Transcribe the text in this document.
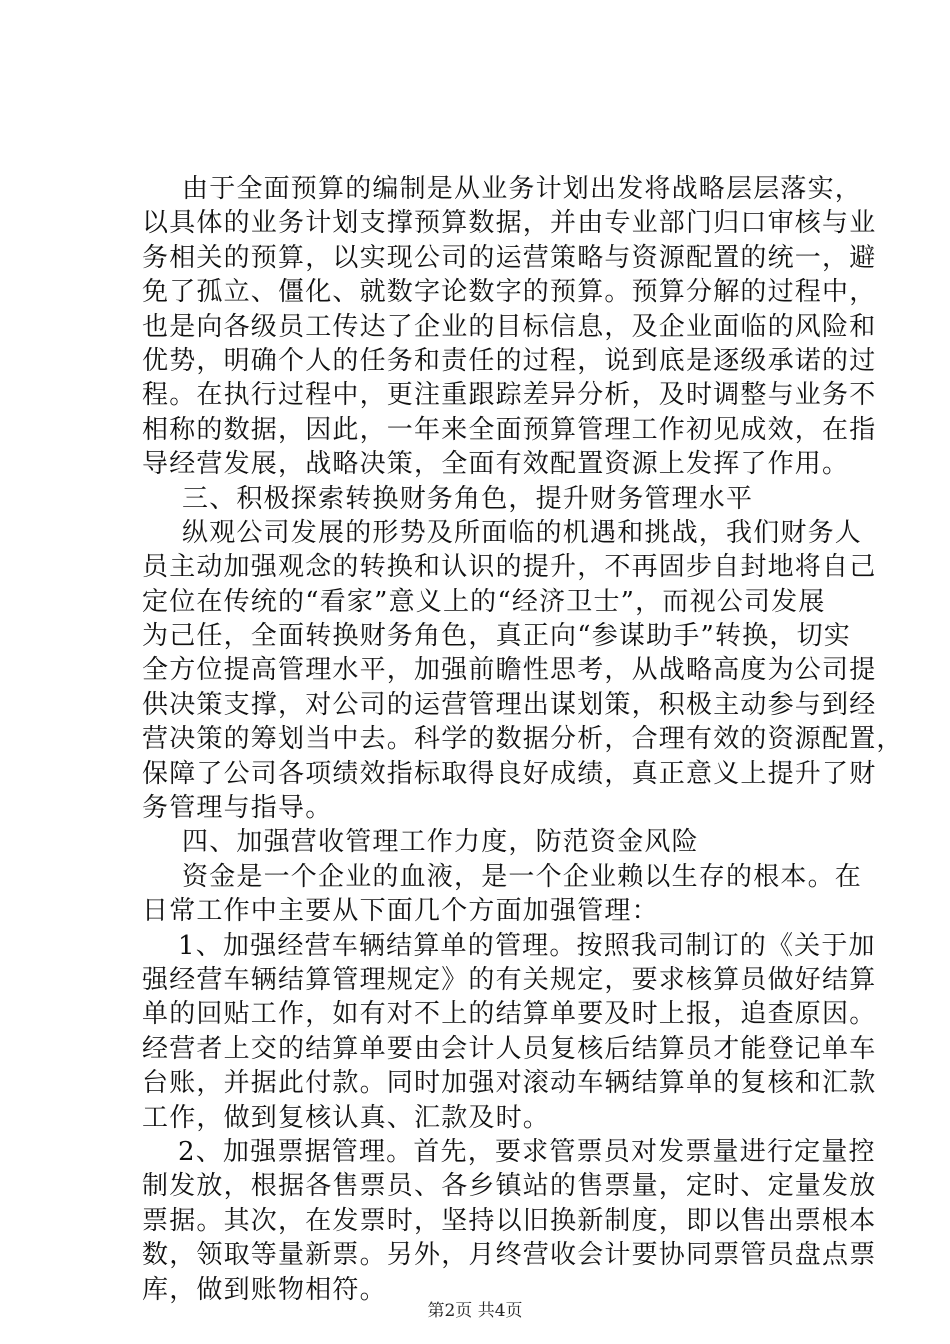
由于全面预算的编制是从业务计划出发将战略层层落实，
以具体的业务计划支撑预算数据，并由专业部门归口审核与业
务相关的预算，以实现公司的运营策略与资源配置的统一，避
免了孤立、僵化、就数字论数字的预算。预算分解的过程中，
也是向各级员工传达了企业的目标信息，及企业面临的风险和
优势，明确个人的任务和责任的过程，说到底是逐级承诺的过
程。在执行过程中，更注重跟踪差异分析，及时调整与业务不
相称的数据，因此，一年来全面预算管理工作初见成效，在指
导经营发展，战略决策，全面有效配置资源上发挥了作用。
三、积极探索转换财务角色，提升财务管理水平
纵观公司发展的形势及所面临的机遇和挑战，我们财务人
员主动加强观念的转换和认识的提升，不再固步自封地将自己
定位在传统的“看家”意义上的“经济卫士”，而视公司发展
为己任，全面转换财务角色，真正向“参谋助手”转换，切实
全方位提高管理水平，加强前瞻性思考，从战略高度为公司提
供决策支撑，对公司的运营管理出谋划策，积极主动参与到经
营决策的筹划当中去。科学的数据分析，合理有效的资源配置，
保障了公司各项绩效指标取得良好成绩，真正意义上提升了财
务管理与指导。
四、加强营收管理工作力度，防范资金风险
资金是一个企业的血液，是一个企业赖以生存的根本。在
日常工作中主要从下面几个方面加强管理：
1、加强经营车辆结算单的管理。按照我司制订的《关于加
强经营车辆结算管理规定》的有关规定，要求核算员做好结算
单的回贴工作，如有对不上的结算单要及时上报，追查原因。
经营者上交的结算单要由会计人员复核后结算员才能登记单车
台账，并据此付款。同时加强对滚动车辆结算单的复核和汇款
工作，做到复核认真、汇款及时。
2、加强票据管理。首先，要求管票员对发票量进行定量控
制发放，根据各售票员、各乡镇站的售票量，定时、定量发放
票据。其次，在发票时，坚持以旧换新制度，即以售出票根本
数，领取等量新票。另外，月终营收会计要协同票管员盘点票
库，做到账物相符。
第2页 共4页
